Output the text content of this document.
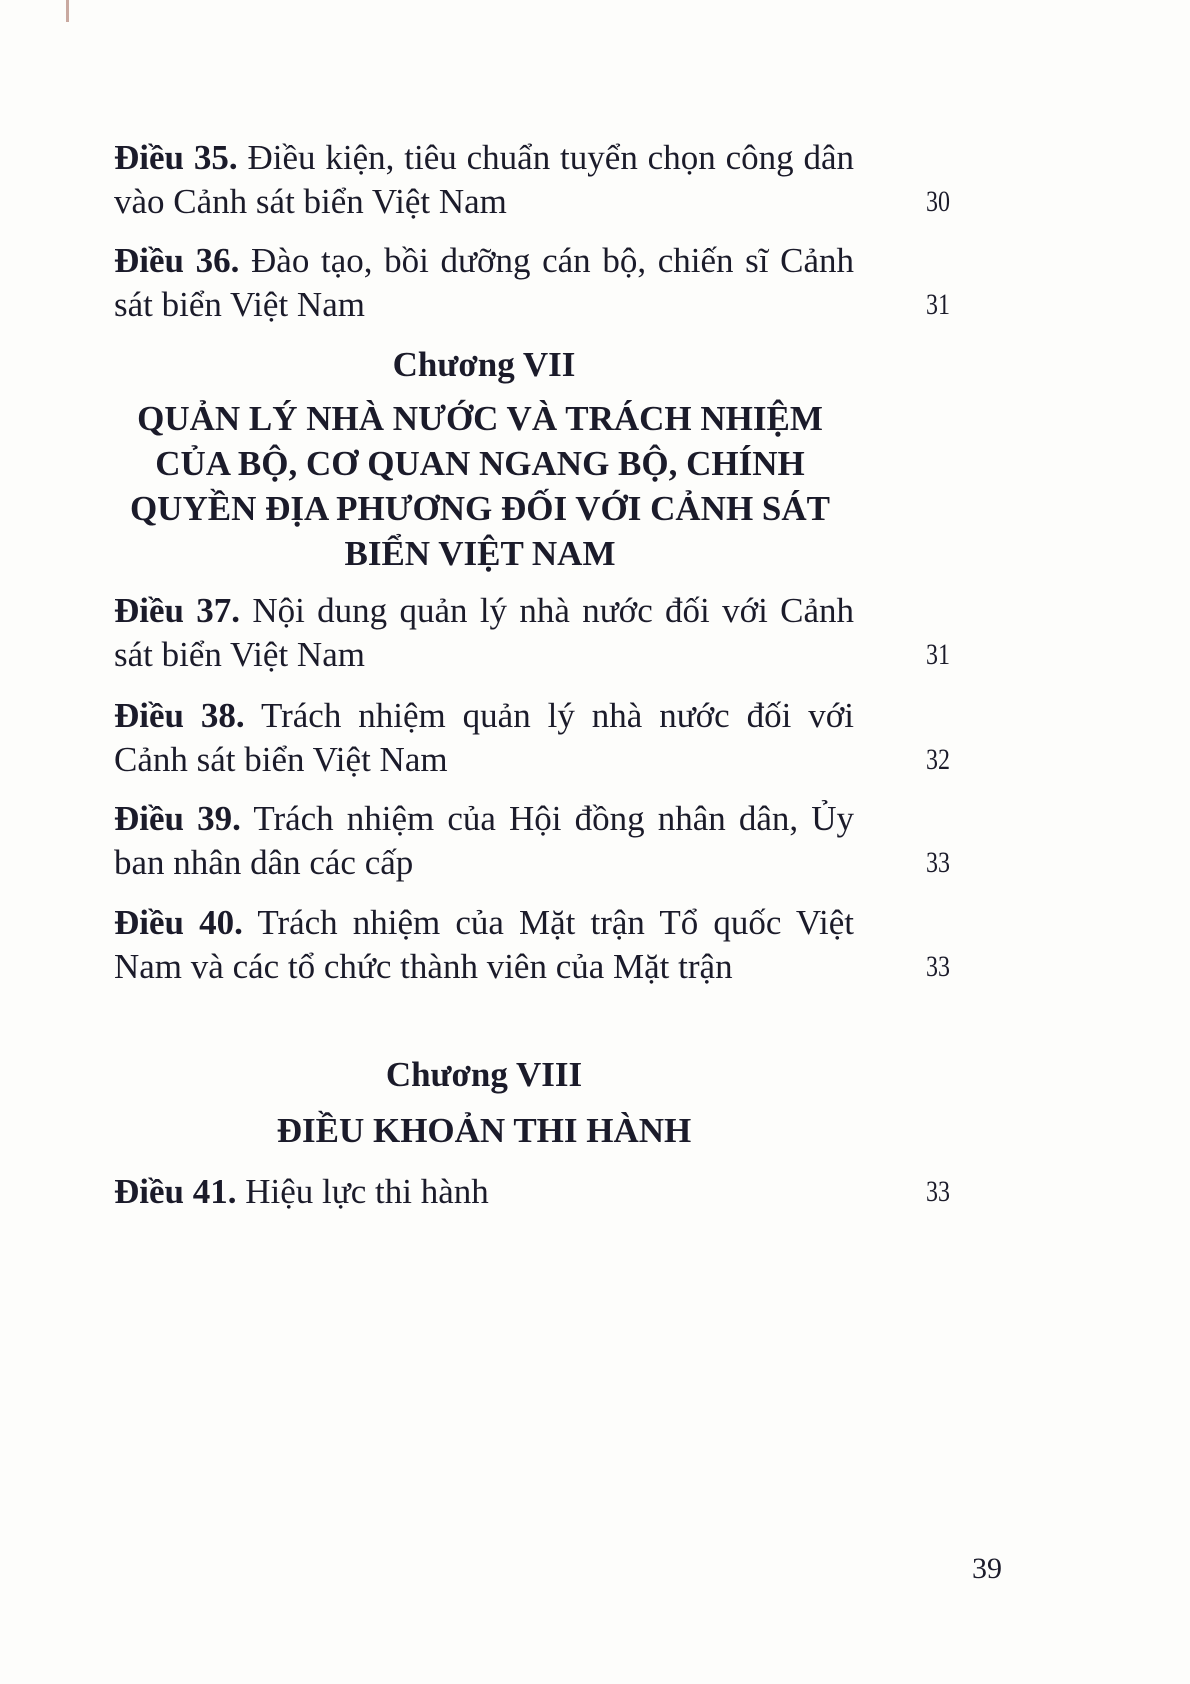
Điều 35. Điều kiện, tiêu chuẩn tuyển chọn công dân vào Cảnh sát biển Việt Nam	30
Điều 36. Đào tạo, bồi dưỡng cán bộ, chiến sĩ Cảnh sát biển Việt Nam	31
Chương VII
QUẢN LÝ NHÀ NƯỚC VÀ TRÁCH NHIỆM CỦA BỘ, CƠ QUAN NGANG BỘ, CHÍNH QUYỀN ĐỊA PHƯƠNG ĐỐI VỚI CẢNH SÁT BIỂN VIỆT NAM
Điều 37. Nội dung quản lý nhà nước đối với Cảnh sát biển Việt Nam	31
Điều 38. Trách nhiệm quản lý nhà nước đối với Cảnh sát biển Việt Nam	32
Điều 39. Trách nhiệm của Hội đồng nhân dân, Ủy ban nhân dân các cấp	33
Điều 40. Trách nhiệm của Mặt trận Tổ quốc Việt Nam và các tổ chức thành viên của Mặt trận	33
Chương VIII
ĐIỀU KHOẢN THI HÀNH
Điều 41. Hiệu lực thi hành	33
39
